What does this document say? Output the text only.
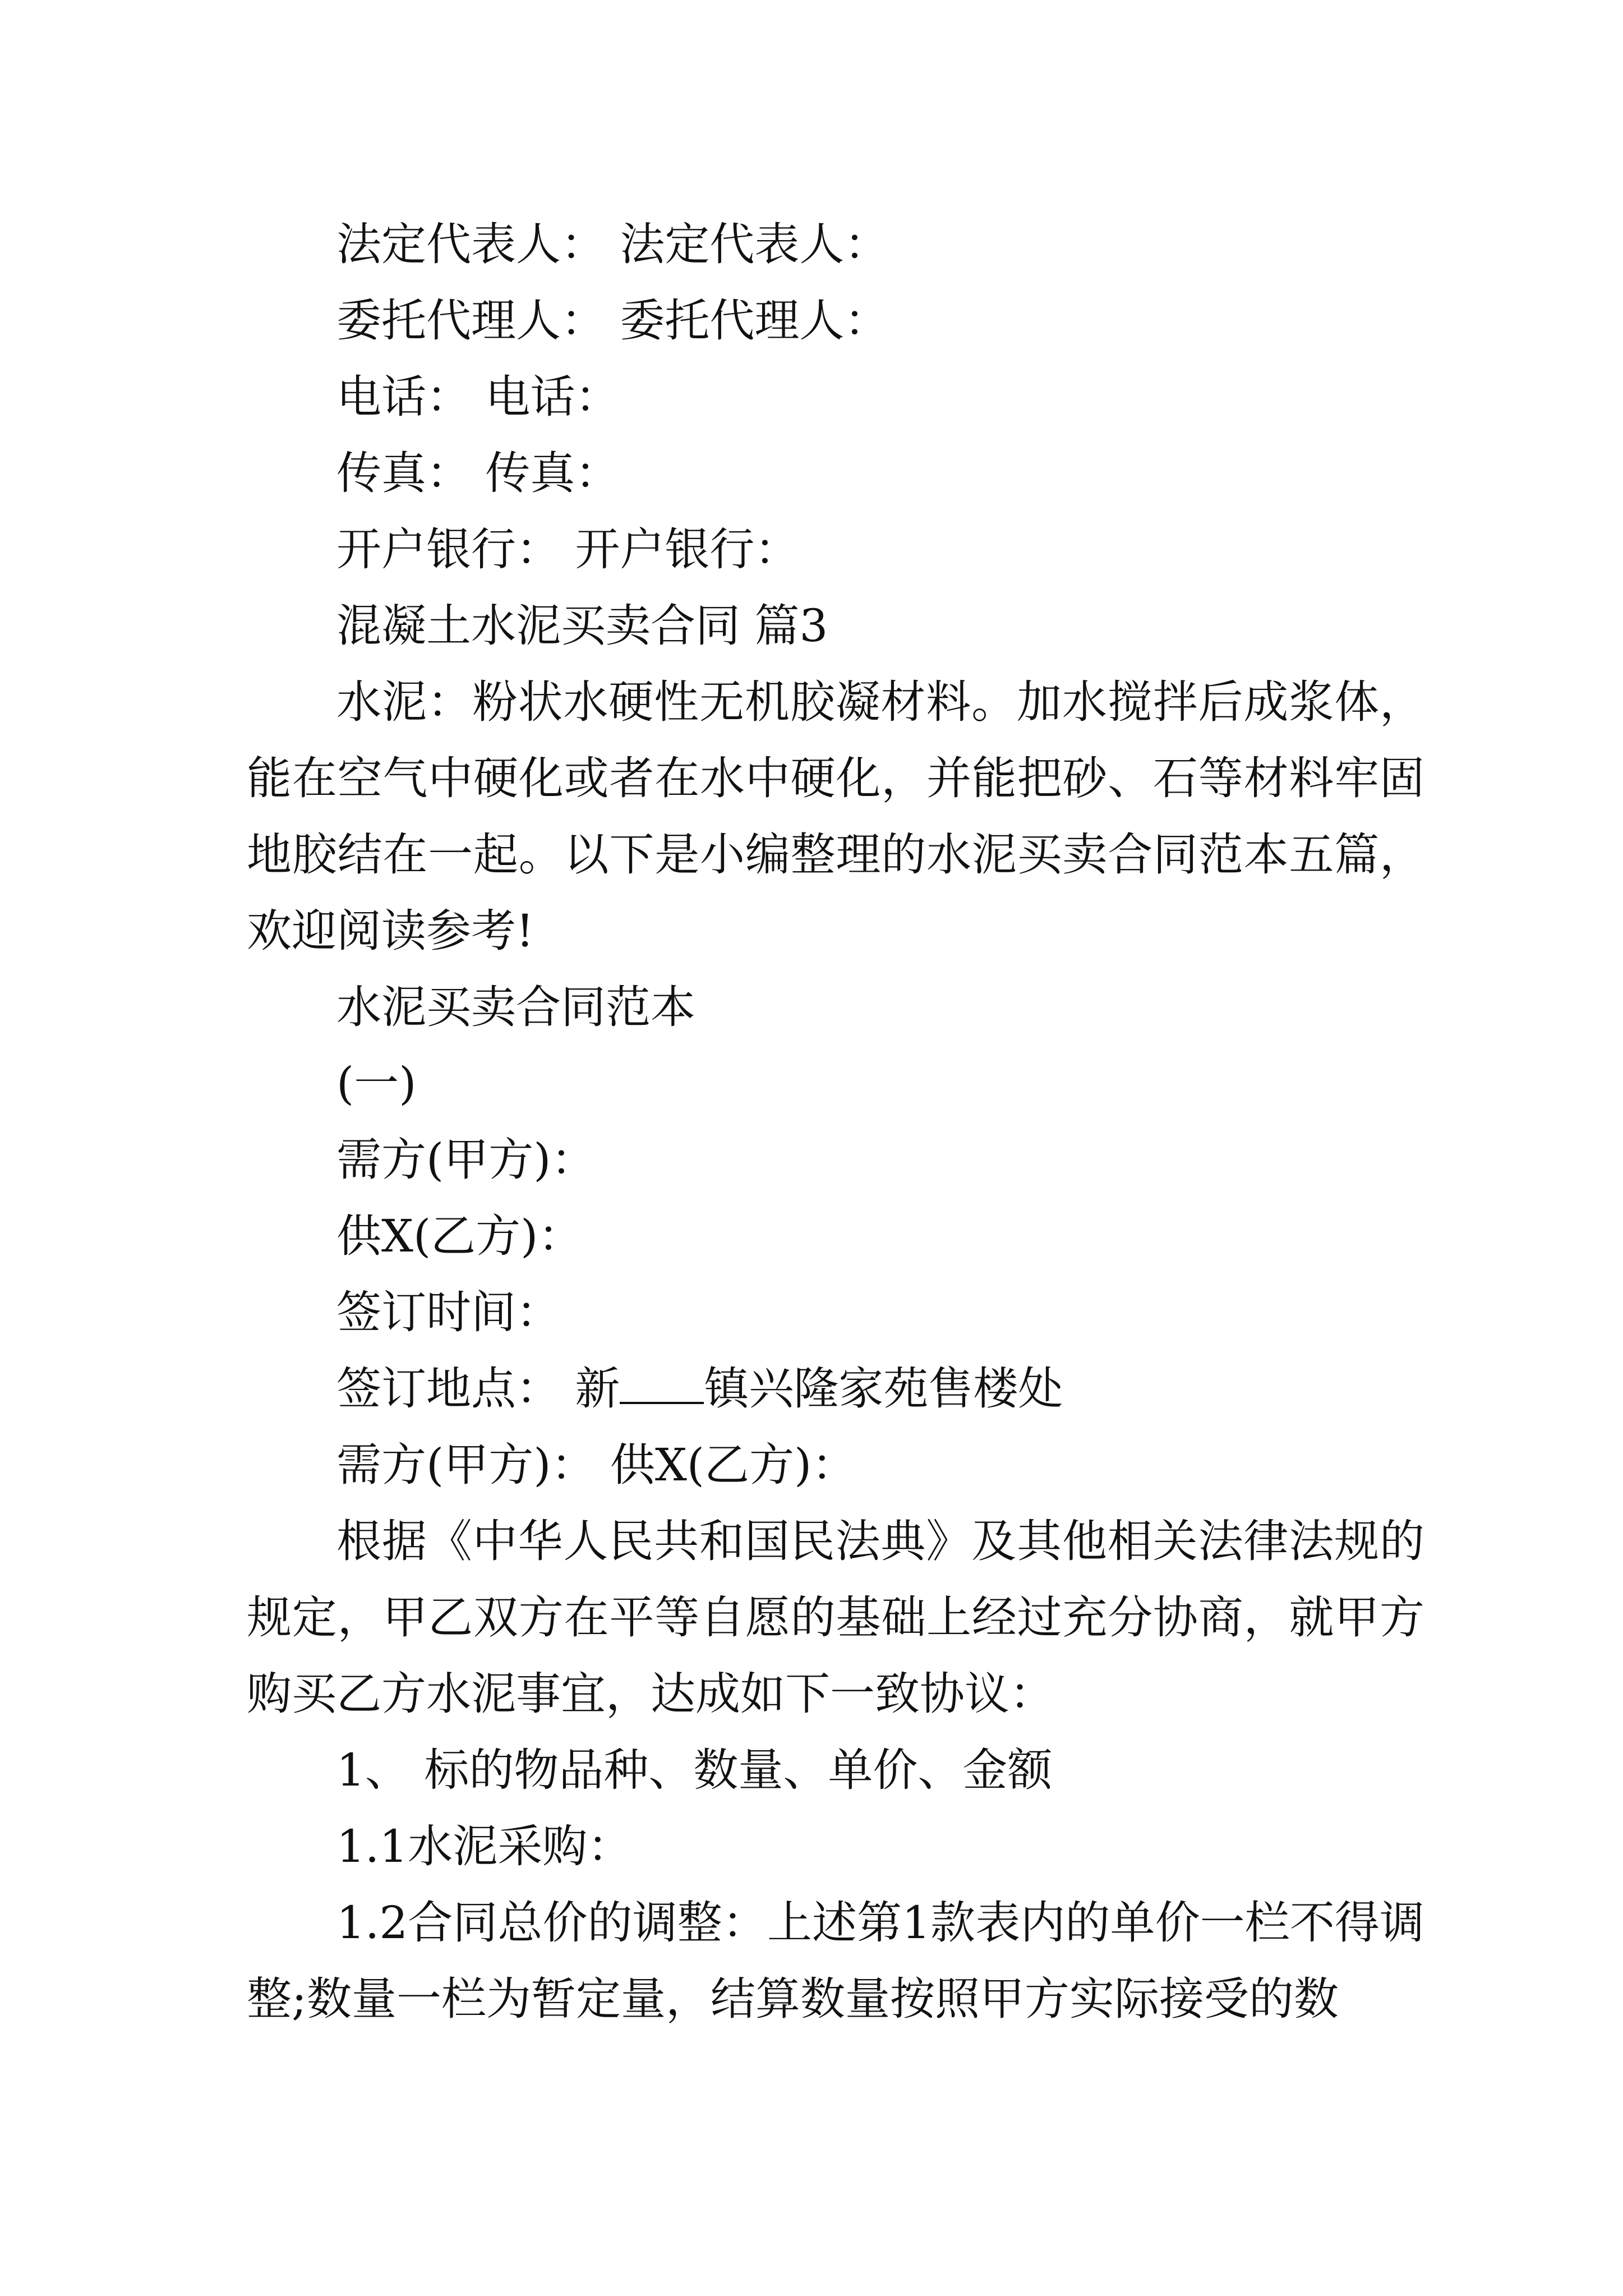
法定代表人： 法定代表人：
委托代理人： 委托代理人：
电话： 电话：
传真： 传真：
开户银行： 开户银行：
混凝土水泥买卖合同 篇3

水泥：粉状水硬性无机胶凝材料。加水搅拌后成浆体，能在空气中硬化或者在水中硬化，并能把砂、石等材料牢固地胶结在一起。以下是小编整理的水泥买卖合同范本五篇，欢迎阅读参考!

水泥买卖合同范本
(一)
需方(甲方)：
供X(乙方)：
签订时间：
签订地点： 新 镇兴隆家苑售楼处
需方(甲方)： 供X(乙方)：

根据《中华人民共和国民法典》及其他相关法律法规的规定，甲乙双方在平等自愿的基础上经过充分协商，就甲方购买乙方水泥事宜，达成如下一致协议：

1、 标的物品种、数量、单价、金额
1.1水泥采购：

1.2合同总价的调整：上述第1款表内的单价一栏不得调整;数量一栏为暂定量，结算数量按照甲方实际接受的数
